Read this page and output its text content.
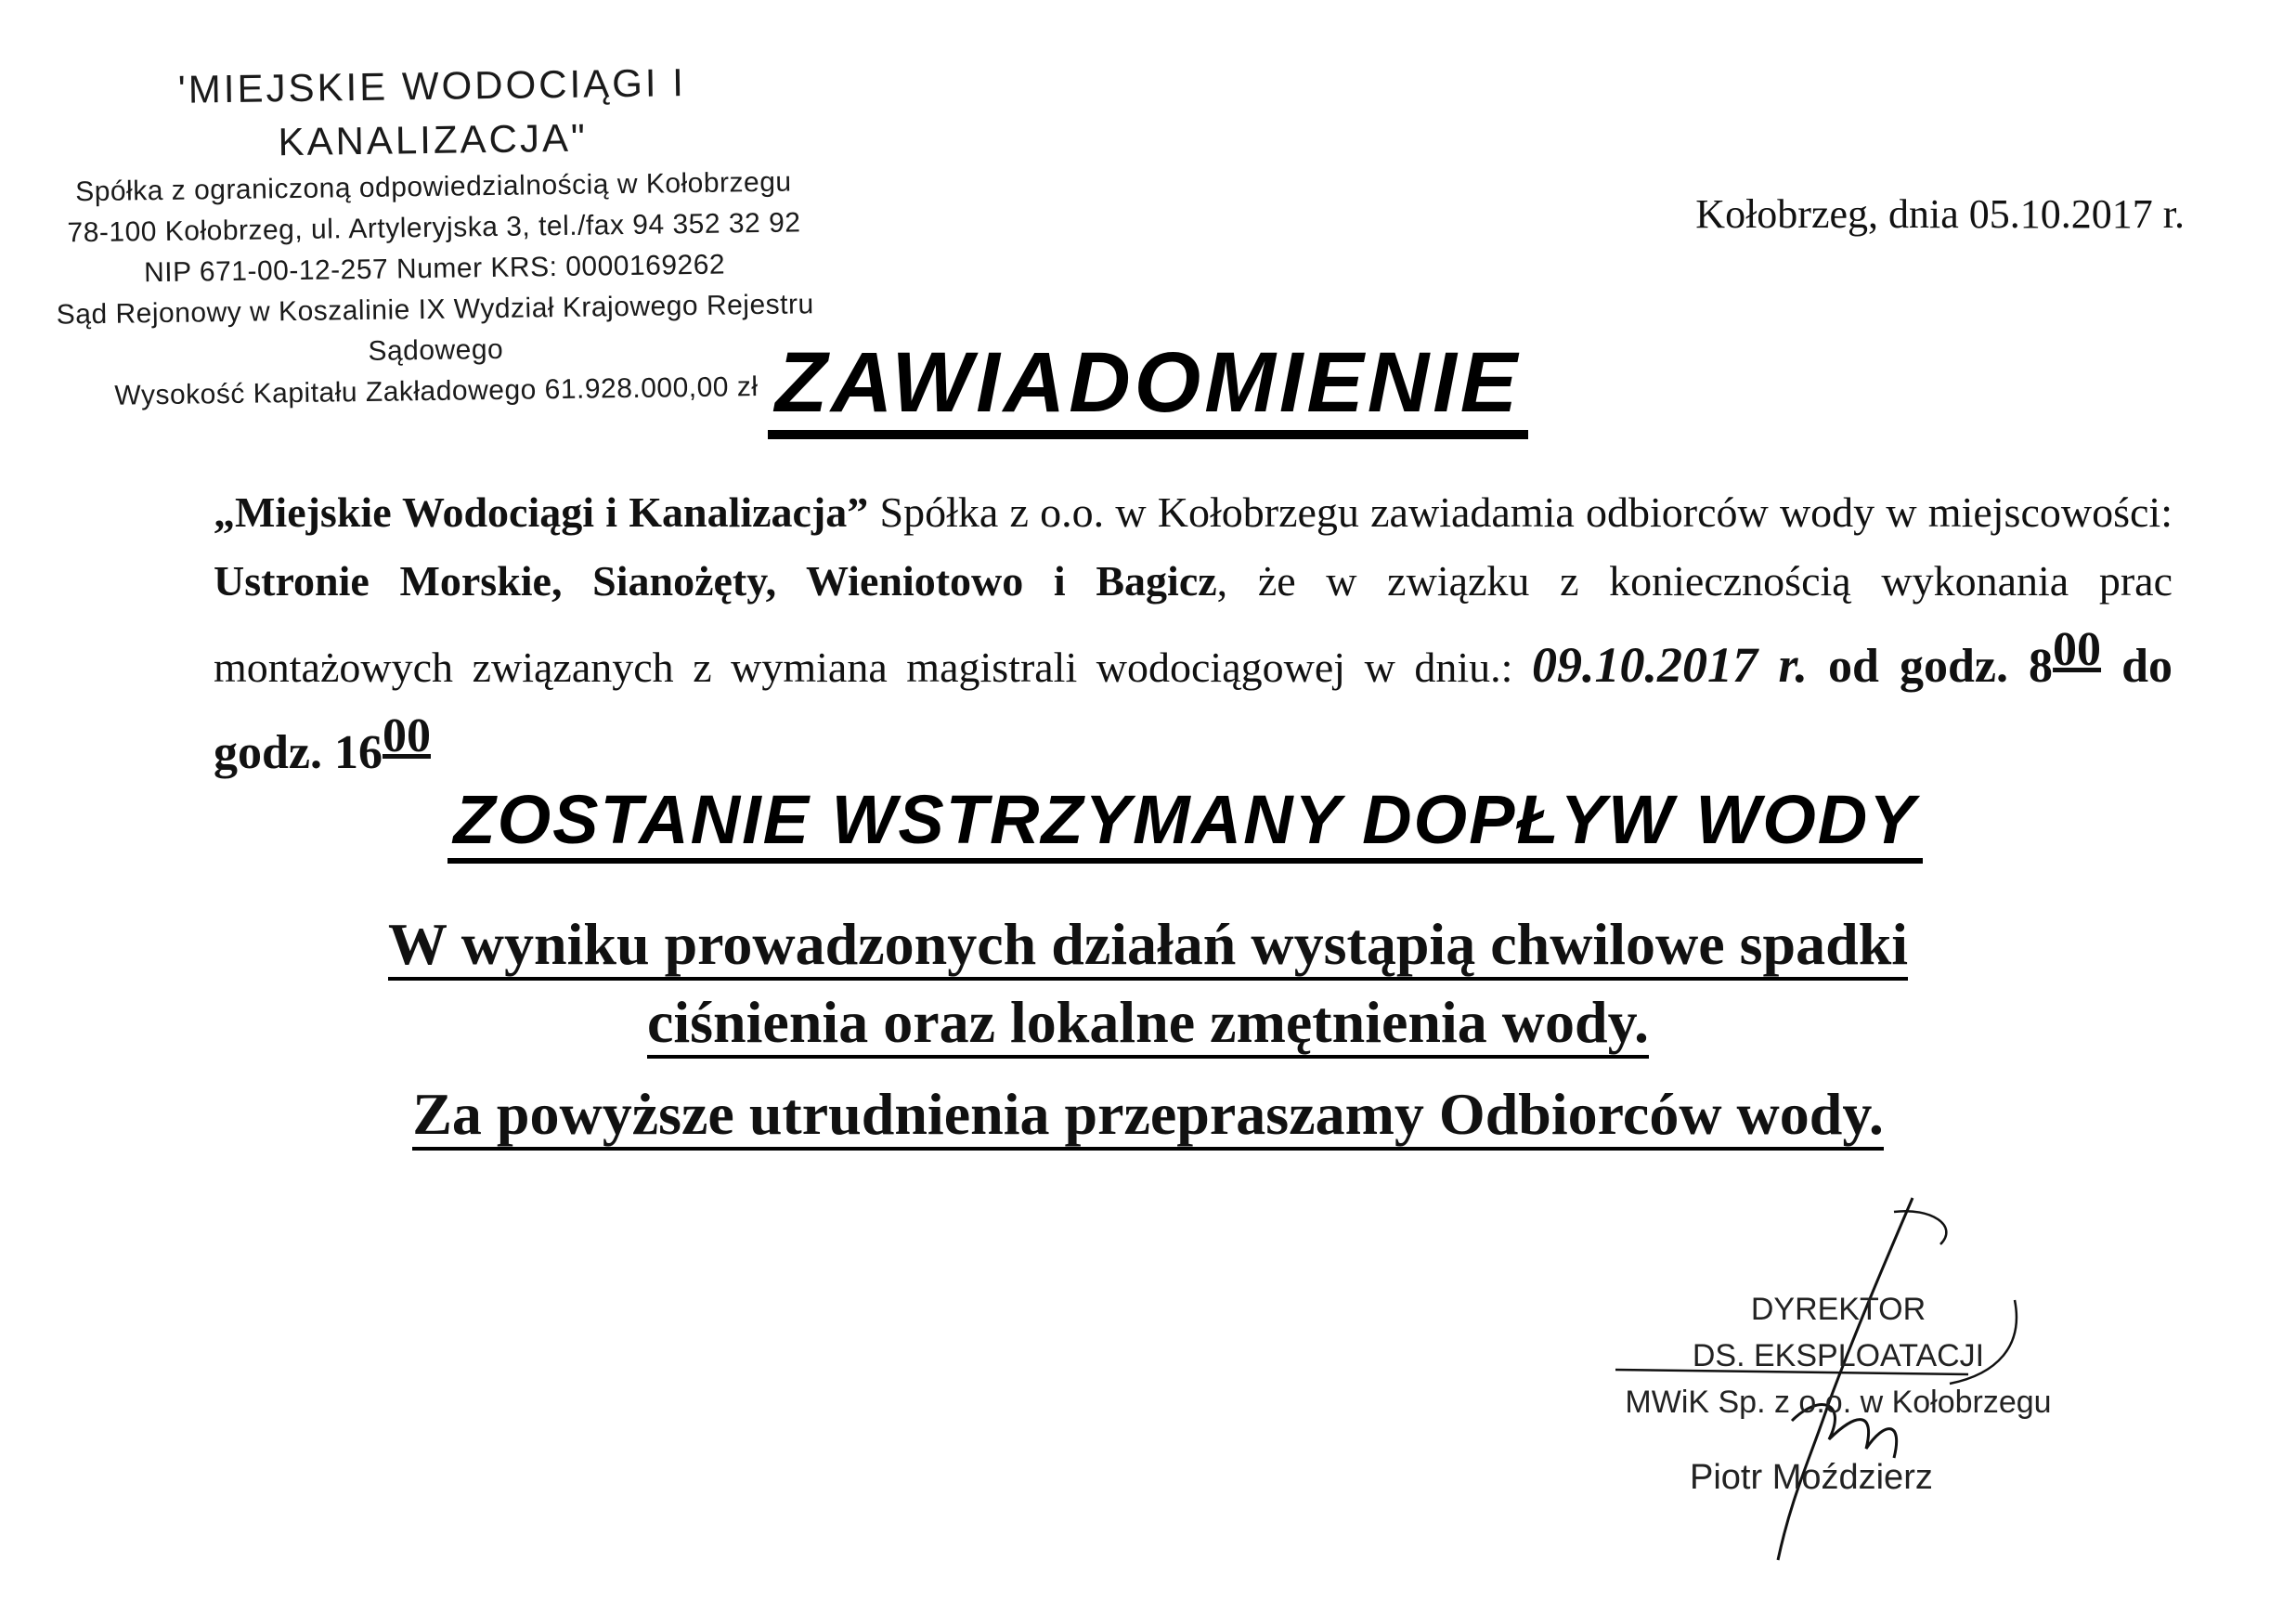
'MIEJSKIE WODOCIĄGI I KANALIZACJA"
Spółka z ograniczoną odpowiedzialnością w Kołobrzegu
78-100 Kołobrzeg, ul. Artyleryjska 3, tel./fax 94 352 32 92
NIP 671-00-12-257 Numer KRS: 0000169262
Sąd Rejonowy w Koszalinie IX Wydział Krajowego Rejestru Sądowego
Wysokość Kapitału Zakładowego 61.928.000,00 zł
Kołobrzeg, dnia 05.10.2017 r.
ZAWIADOMIENIE
„Miejskie Wodociągi i Kanalizacja” Spółka z o.o. w Kołobrzegu zawiadamia odbiorców wody w miejscowości: Ustronie Morskie, Sianożęty, Wieniotowo i Bagicz, że w związku z koniecznością wykonania prac montażowych związanych z wymiana magistrali wodociągowej w dniu.: 09.10.2017 r. od godz. $8^{00}$ do godz. $16^{00}$
ZOSTANIE WSTRZYMANY DOPŁYW WODY
W wyniku prowadzonych działań wystąpią chwilowe spadki
ciśnienia oraz lokalne zmętnienia wody.
Za powyższe utrudnienia przepraszamy Odbiorców wody.
DYREKTOR
DS. EKSPLOATACJI
MWiK Sp. z o.o. w Kołobrzegu
Piotr Moździerz
